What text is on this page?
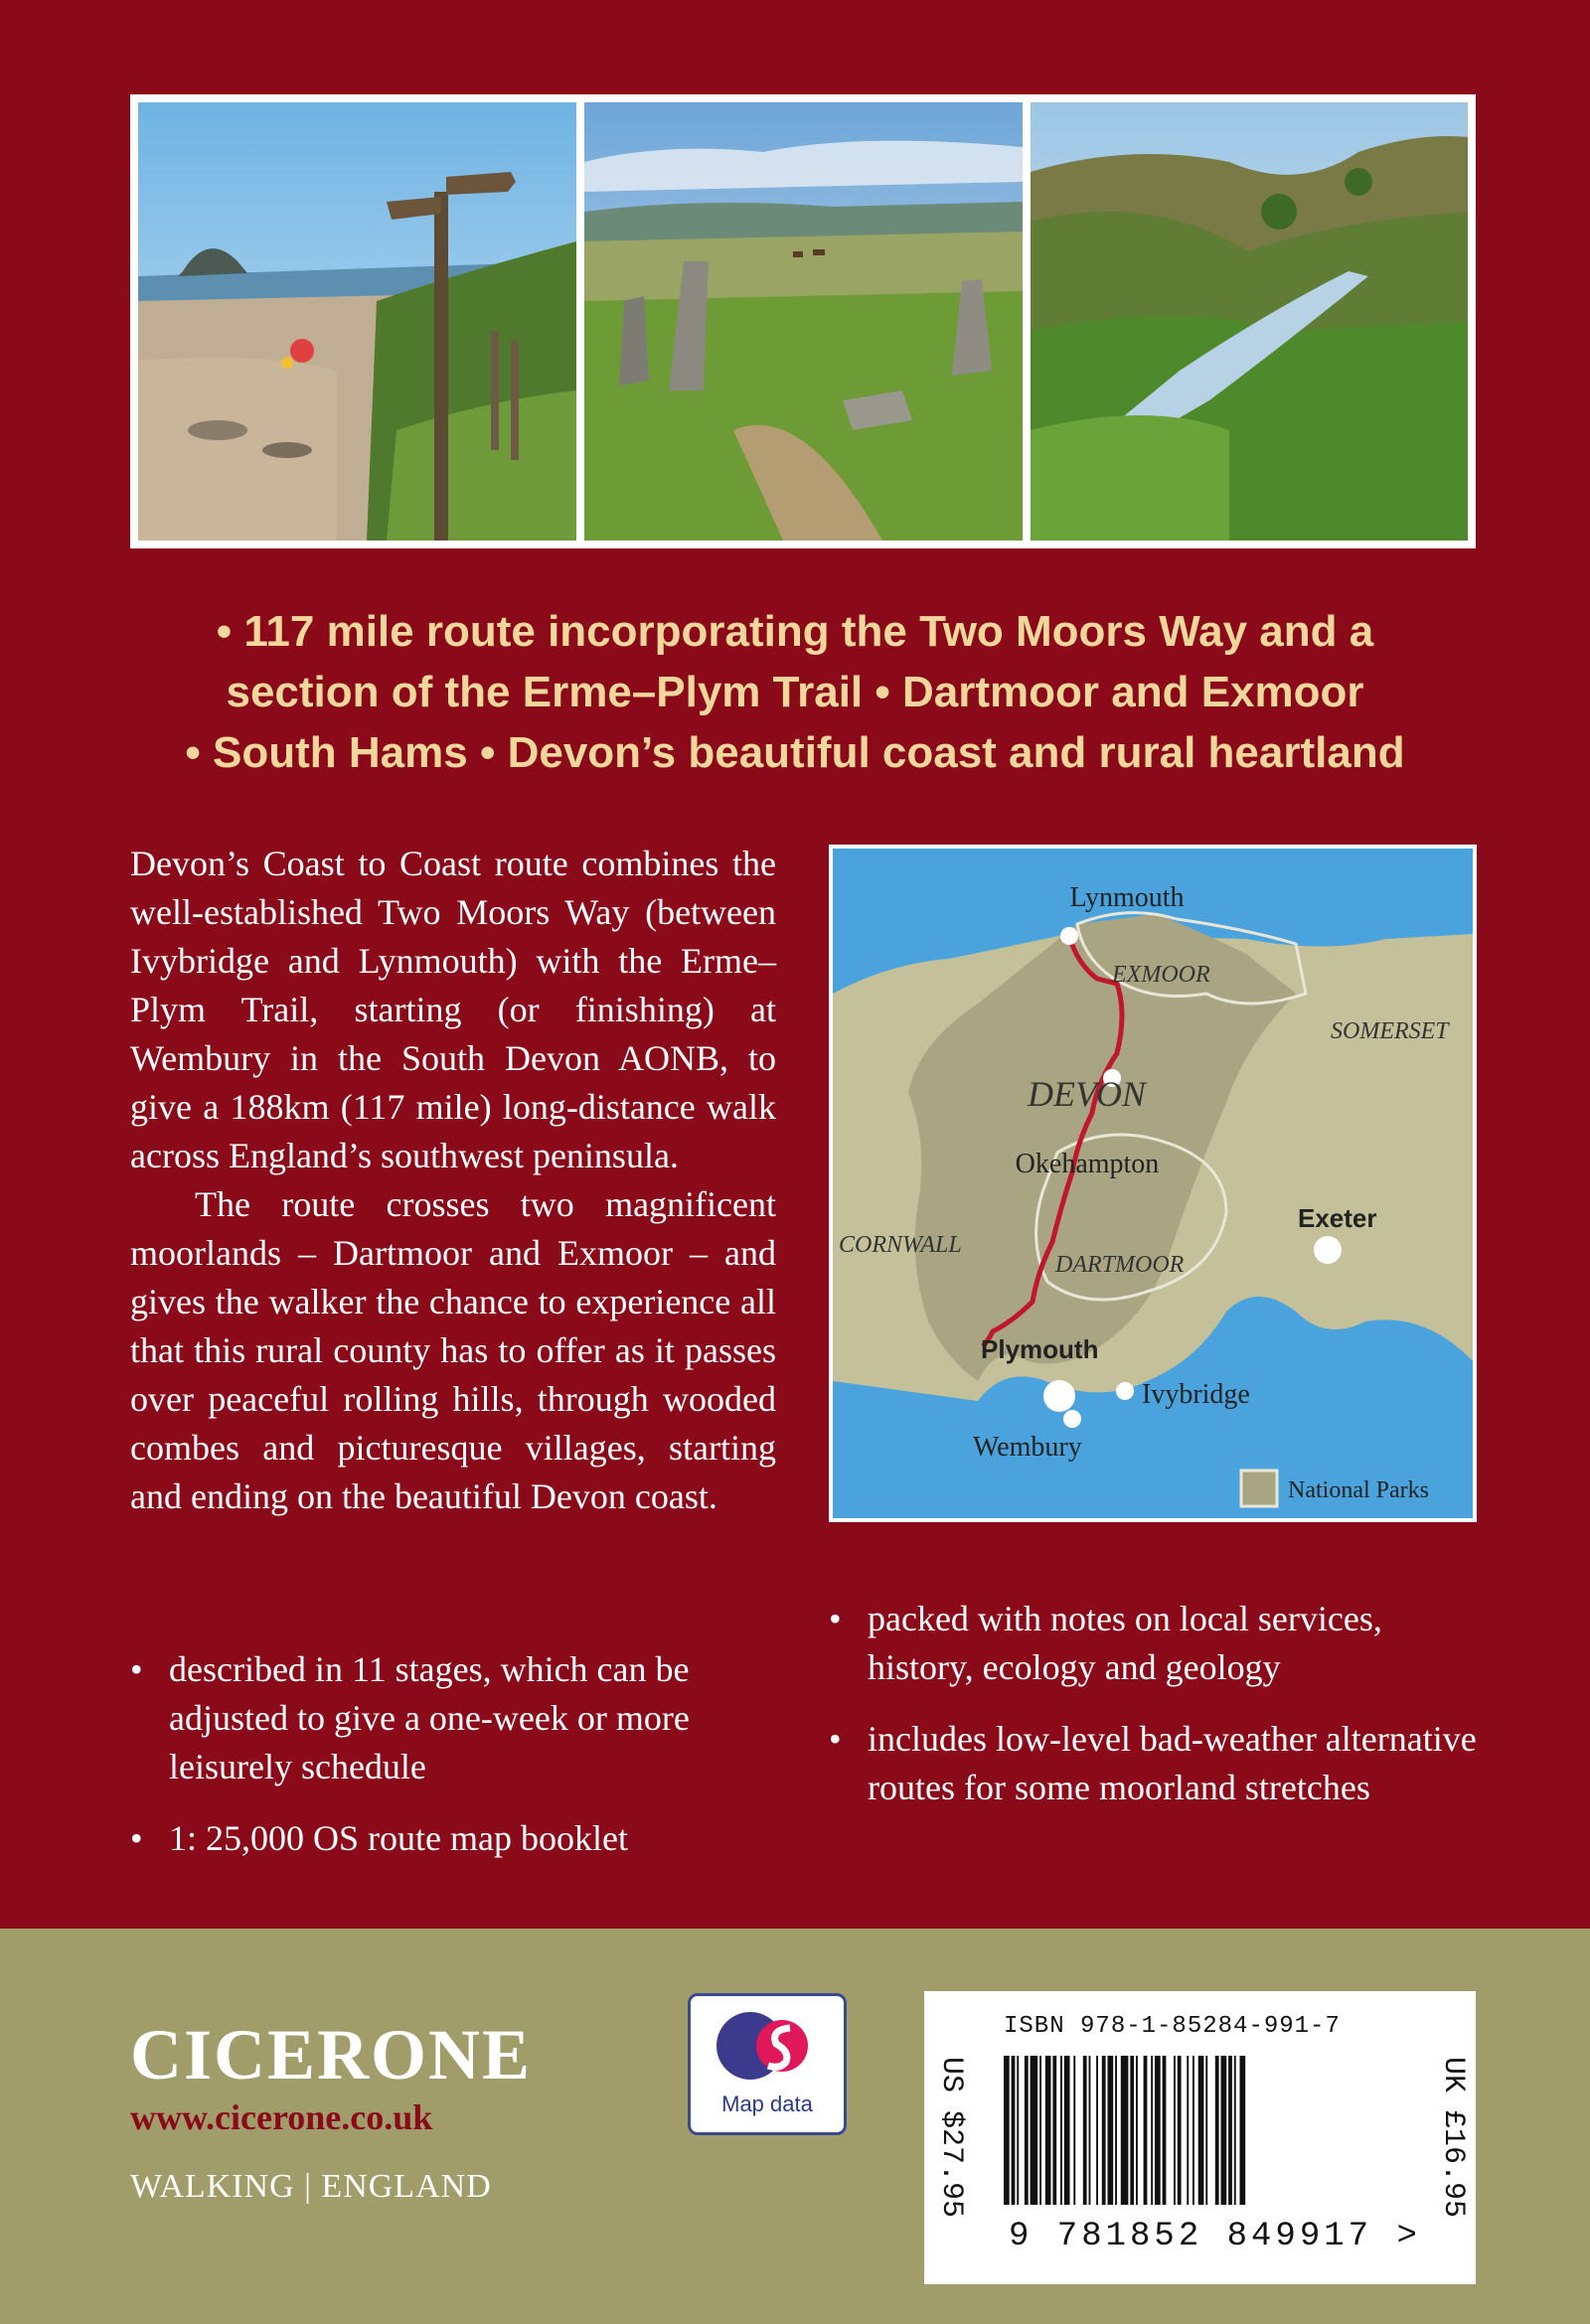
• 117 mile route incorporating the Two Moors Way and a
section of the Erme–Plym Trail • Dartmoor and Exmoor
• South Hams • Devon’s beautiful coast and rural heartland

Devon’s Coast to Coast route combines the well-established Two Moors Way (between Ivybridge and Lynmouth) with the Erme–Plym Trail, starting (or finishing) at Wembury in the South Devon AONB, to give a 188km (117 mile) long-distance walk across England’s southwest peninsula.

The route crosses two magnificent moorlands – Dartmoor and Exmoor – and gives the walker the chance to experience all that this rural county has to offer as it passes over peaceful rolling hills, through wooded combes and picturesque villages, starting and ending on the beautiful Devon coast.

Lynmouth
EXMOOR
SOMERSET
DEVON
Okehampton
Exeter
CORNWALL
DARTMOOR
Plymouth
Ivybridge
Wembury
National Parks
• described in 11 stages, which can be adjusted to give a one-week or more leisurely schedule
• 1: 25,000 OS route map booklet
• packed with notes on local services, history, ecology and geology
• includes low-level bad-weather alternative routes for some moorland stretches
CICERONE
www.cicerone.co.uk
WALKING | ENGLAND
Map data	US $27.95	UK £16.95
ISBN 978-1-85284-991-7
9 781852 849917 >
